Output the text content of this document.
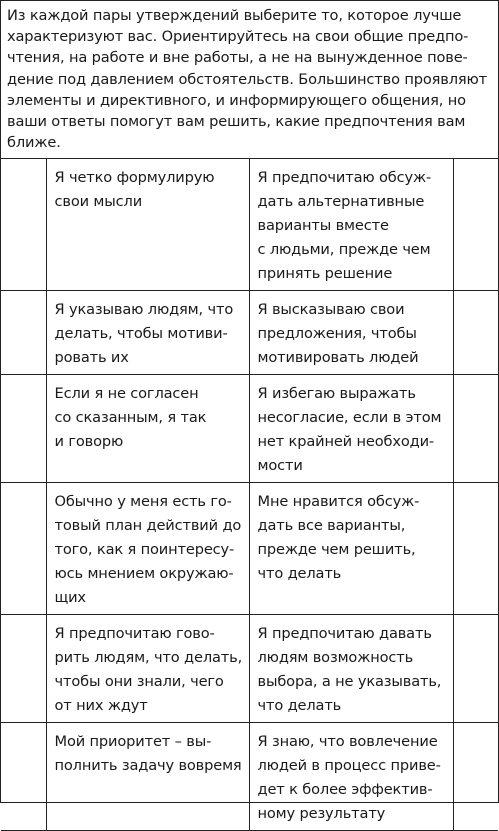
Из каждой пары утверждений выберите то, которое лучше
характеризуют вас. Ориентируйтесь на свои общие предпо-
чтения, на работе и вне работы, а не на вынужденное пове-
дение под давлением обстоятельств. Большинство проявляют
элементы и директивного, и информирующего общения, но
ваши ответы помогут вам решить, какие предпочтения вам
ближе.

	Я четко формулирую
свои мысли	Я предпочитаю обсуж-
дать альтернативные
варианты вместе
с людьми, прежде чем
принять решение	

	Я указываю людям, что
делать, чтобы мотиви-
ровать их	Я высказываю свои
предложения, чтобы
мотивировать людей	

	Если я не согласен
со сказанным, я так
и говорю	Я избегаю выражать
несогласие, если в этом
нет крайней необходи-
мости	

	Обычно у меня есть го-
товый план действий до
того, как я поинтересу-
юсь мнением окружаю-
щих	Мне нравится обсуж-
дать все варианты,
прежде чем решить,
что делать	

	Я предпочитаю гово-
рить людям, что делать,
чтобы они знали, чего
от них ждут	Я предпочитаю давать
людям возможность
выбора, а не указывать,
что делать	

	Мой приоритет – вы-
полнить задачу вовремя	Я знаю, что вовлечение
людей в процесс приве-
дет к более эффектив-
ному результату	
